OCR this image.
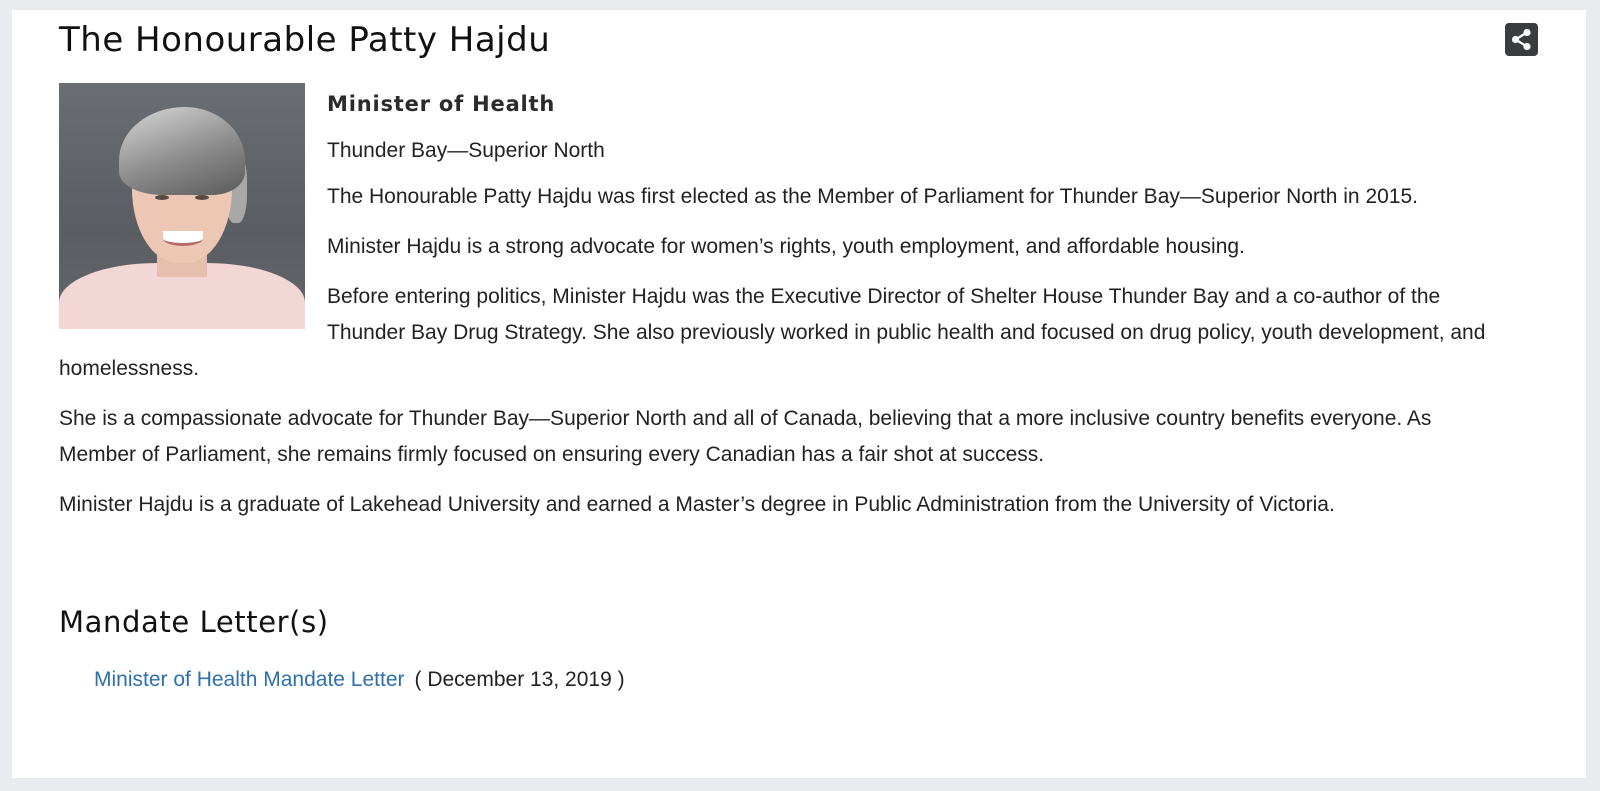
The Honourable Patty Hajdu
Minister of Health

Thunder Bay—Superior North

The Honourable Patty Hajdu was first elected as the Member of Parliament for Thunder Bay—Superior North in 2015.

Minister Hajdu is a strong advocate for women’s rights, youth employment, and affordable housing.

Before entering politics, Minister Hajdu was the Executive Director of Shelter House Thunder Bay and a co-author of the Thunder Bay Drug Strategy. She also previously worked in public health and focused on drug policy, youth development, and homelessness.

She is a compassionate advocate for Thunder Bay—Superior North and all of Canada, believing that a more inclusive country benefits everyone. As Member of Parliament, she remains firmly focused on ensuring every Canadian has a fair shot at success.

Minister Hajdu is a graduate of Lakehead University and earned a Master’s degree in Public Administration from the University of Victoria.

Mandate Letter(s)
Minister of Health Mandate Letter ( December 13, 2019 )
